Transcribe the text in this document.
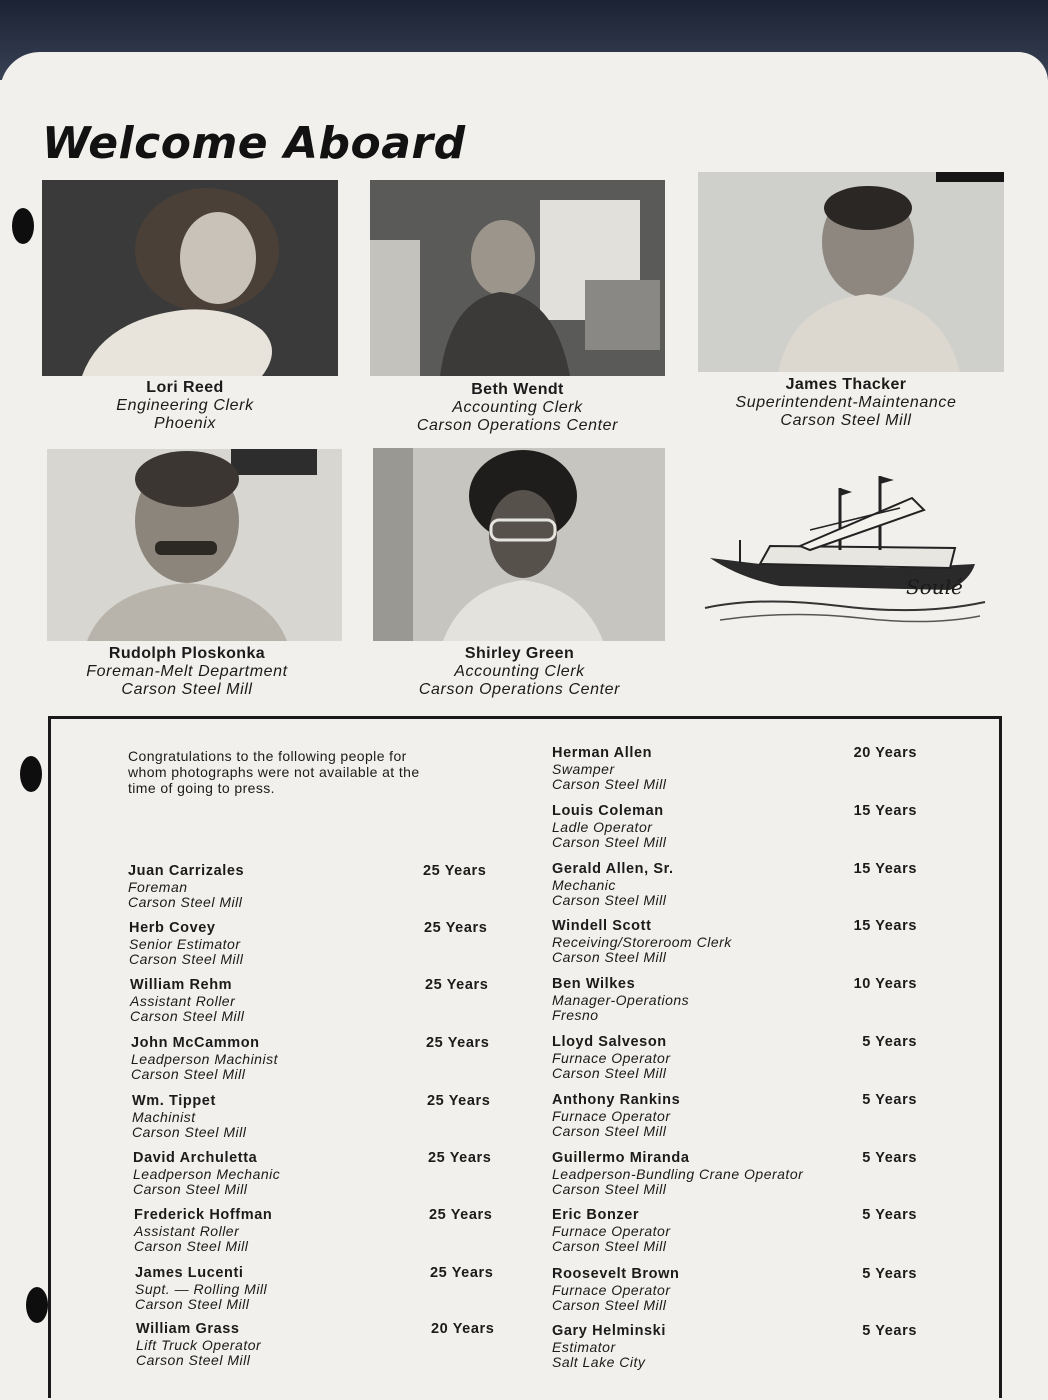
Welcome Aboard
Lori Reed
Engineering Clerk
Phoenix
Beth Wendt
Accounting Clerk
Carson Operations Center
James Thacker
Superintendent-Maintenance
Carson Steel Mill
Rudolph Ploskonka
Foreman-Melt Department
Carson Steel Mill
Shirley Green
Accounting Clerk
Carson Operations Center
Soulé
Congratulations to the following people for whom photographs were not available at the time of going to press.
Juan Carrizales
Foreman
Carson Steel Mill
25 Years
Herb Covey
Senior Estimator
Carson Steel Mill
25 Years
William Rehm
Assistant Roller
Carson Steel Mill
25 Years
John McCammon
Leadperson Machinist
Carson Steel Mill
25 Years
Wm. Tippet
Machinist
Carson Steel Mill
25 Years
David Archuletta
Leadperson Mechanic
Carson Steel Mill
25 Years
Frederick Hoffman
Assistant Roller
Carson Steel Mill
25 Years
James Lucenti
Supt. — Rolling Mill
Carson Steel Mill
25 Years
William Grass
Lift Truck Operator
Carson Steel Mill
20 Years
Herman Allen
Swamper
Carson Steel Mill
20 Years
Louis Coleman
Ladle Operator
Carson Steel Mill
15 Years
Gerald Allen, Sr.
Mechanic
Carson Steel Mill
15 Years
Windell Scott
Receiving/Storeroom Clerk
Carson Steel Mill
15 Years
Ben Wilkes
Manager-Operations
Fresno
10 Years
Lloyd Salveson
Furnace Operator
Carson Steel Mill
5 Years
Anthony Rankins
Furnace Operator
Carson Steel Mill
5 Years
Guillermo Miranda
Leadperson-Bundling Crane Operator
Carson Steel Mill
5 Years
Eric Bonzer
Furnace Operator
Carson Steel Mill
5 Years
Roosevelt Brown
Furnace Operator
Carson Steel Mill
5 Years
Gary Helminski
Estimator
Salt Lake City
5 Years
